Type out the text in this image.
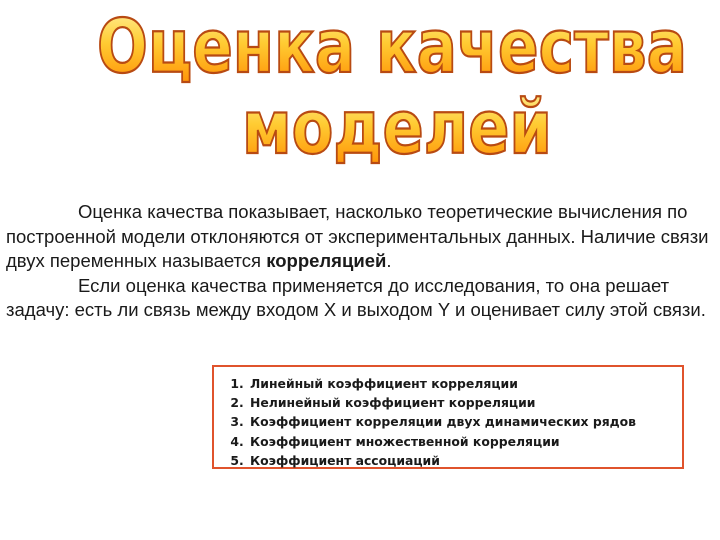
Оценка качества
моделей

Оценка качества показывает, насколько теоретические вычисления по построенной модели отклоняются от экспериментальных данных. Наличие связи двух переменных называется корреляцией.

Если оценка качества применяется до исследования, то она решает задачу: есть ли связь между входом X и выходом Y и оценивает силу этой связи.

1. Линейный коэффициент корреляции
2. Нелинейный коэффициент корреляции
3. Коэффициент корреляции двух динамических рядов
4. Коэффициент множественной корреляции
5. Коэффициент ассоциаций
